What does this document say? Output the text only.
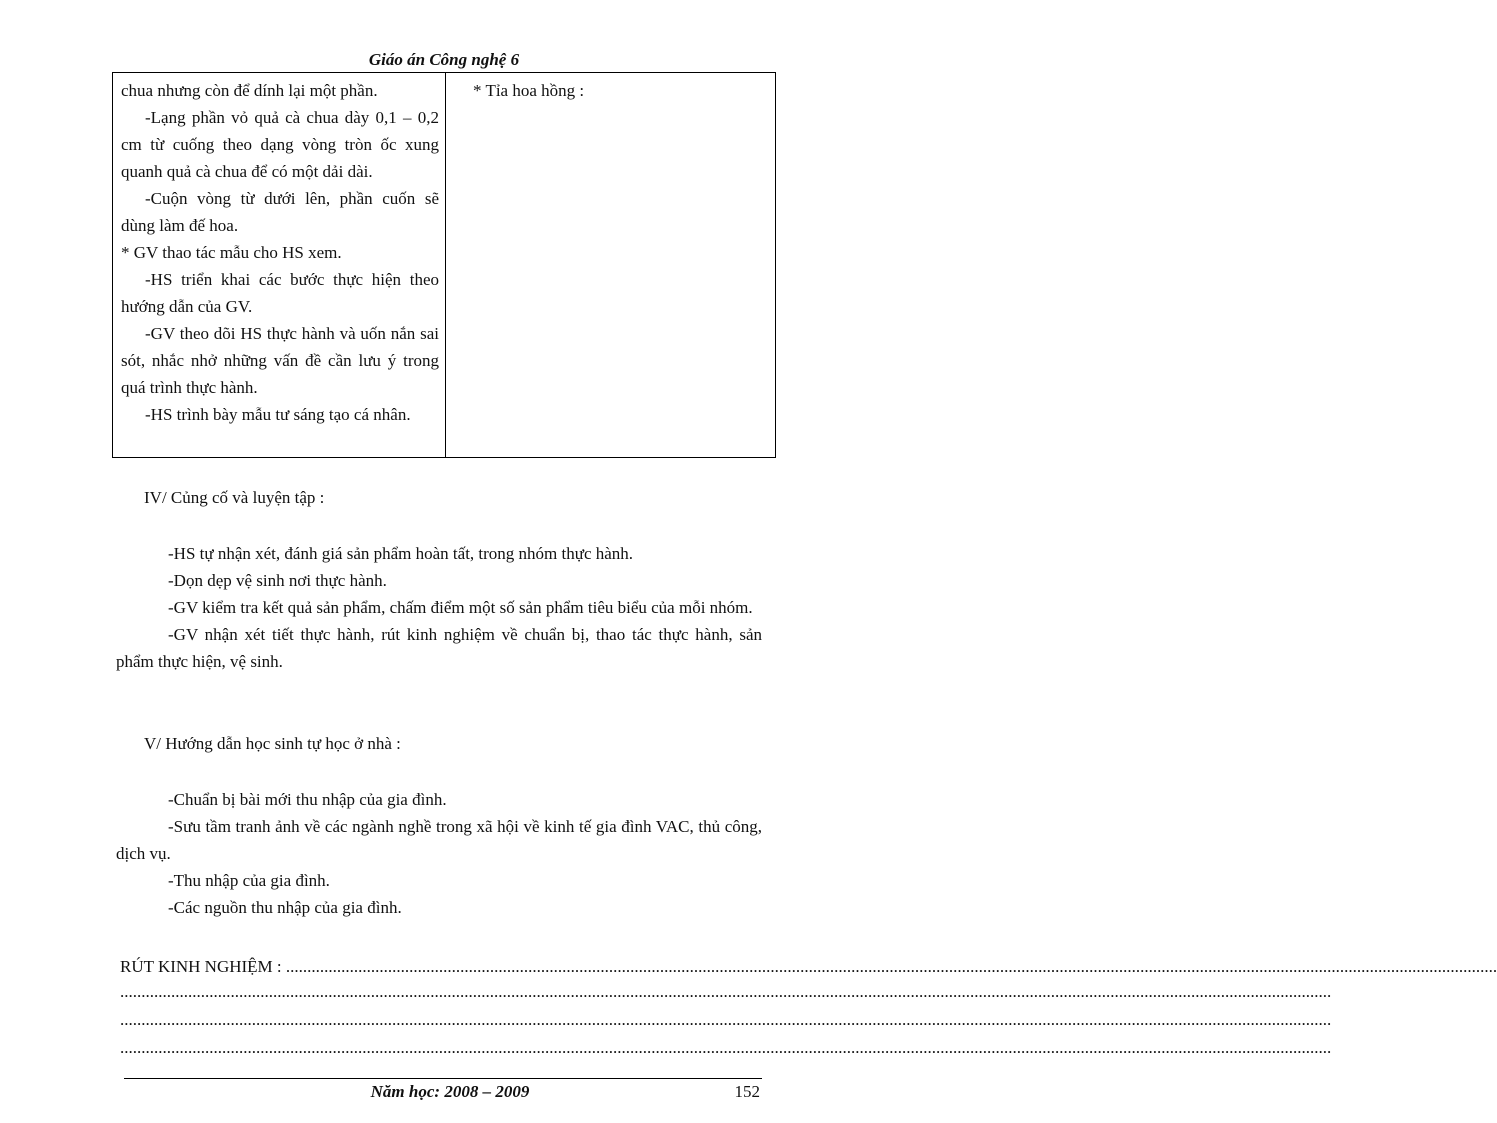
Giáo án Công nghệ 6

chua nhưng còn để dính lại một phần.

-Lạng phần vỏ quả cà chua dày 0,1 – 0,2 cm từ cuống theo dạng vòng tròn ốc xung quanh quả cà chua để có một dải dài.

-Cuộn vòng từ dưới lên, phần cuốn sẽ dùng làm đế hoa.

* GV thao tác mẫu cho HS xem.

-HS triển khai các bước thực hiện theo hướng dẫn của GV.

-GV theo dõi HS thực hành và uốn nắn sai sót, nhắc nhở những vấn đề cần lưu ý trong quá trình thực hành.

-HS trình bày mẫu tư sáng tạo cá nhân.

* Tỉa hoa hồng :
IV/ Củng cố và luyện tập :

-HS tự nhận xét, đánh giá sản phẩm hoàn tất, trong nhóm thực hành.

-Dọn dẹp vệ sinh nơi thực hành.

-GV kiểm tra kết quả sản phẩm, chấm điểm một số sản phẩm tiêu biểu của mỗi nhóm.

-GV nhận xét tiết thực hành, rút kinh nghiệm về chuẩn bị, thao tác thực hành, sản phẩm thực hiện, vệ sinh.

V/ Hướng dẫn học sinh tự học ở nhà :

-Chuẩn bị bài mới thu nhập của gia đình.

-Sưu tầm tranh ảnh về các ngành nghề trong xã hội về kinh tế gia đình VAC, thủ công, dịch vụ.

-Thu nhập của gia đình.

-Các nguồn thu nhập của gia đình.

RÚT KINH NGHIỆM : .............................................................................................................................................................................................................................................................................................
.............................................................................................................................................................................................................................................................................................
.............................................................................................................................................................................................................................................................................................
.............................................................................................................................................................................................................................................................................................
Năm học: 2008 – 2009	152
